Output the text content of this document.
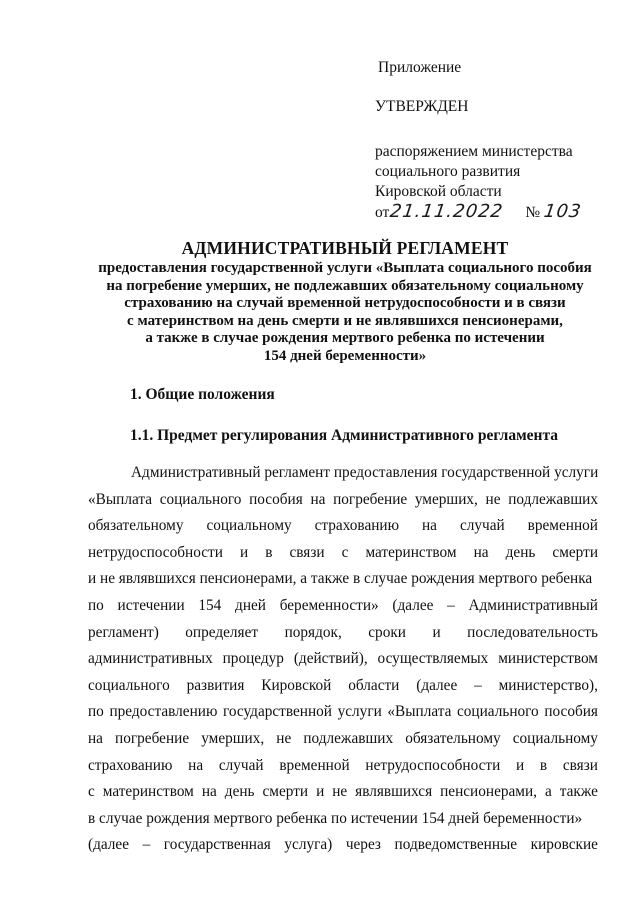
Приложение
УТВЕРЖДЕН
распоряжением министерства
социального развития
Кировской области
от 21.11.2022 № 103
АДМИНИСТРАТИВНЫЙ РЕГЛАМЕНТ
предоставления государственной услуги «Выплата социального пособия
на погребение умерших, не подлежавших обязательному социальному
страхованию на случай временной нетрудоспособности и в связи
с материнством на день смерти и не являвшихся пенсионерами,
а также в случае рождения мертвого ребенка по истечении
154 дней беременности»
1. Общие положения
1.1. Предмет регулирования Административного регламента
Административный регламент предоставления государственной услуги
«Выплата социального пособия на погребение умерших, не подлежавших
обязательному социальному страхованию на случай временной
нетрудоспособности и в связи с материнством на день смерти
и не являвшихся пенсионерами, а также в случае рождения мертвого ребенка
по истечении 154 дней беременности» (далее – Административный
регламент) определяет порядок, сроки и последовательность
административных процедур (действий), осуществляемых министерством
социального развития Кировской области (далее – министерство),
по предоставлению государственной услуги «Выплата социального пособия
на погребение умерших, не подлежавших обязательному социальному
страхованию на случай временной нетрудоспособности и в связи
с материнством на день смерти и не являвшихся пенсионерами, а также
в случае рождения мертвого ребенка по истечении 154 дней беременности»
(далее – государственная услуга) через подведомственные кировские
